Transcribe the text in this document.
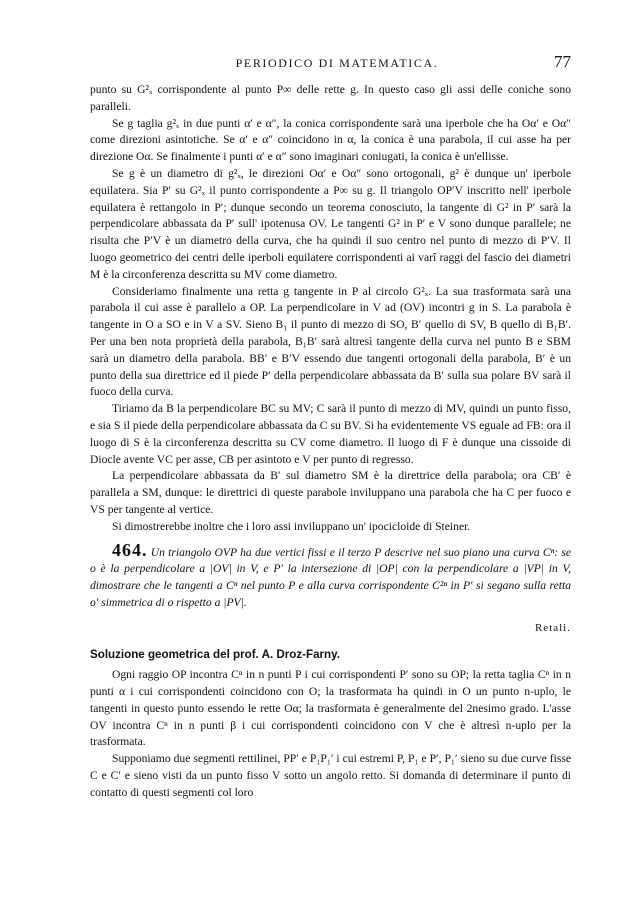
PERIODICO DI MATEMATICA.	77

punto su G²ₓ corrispondente al punto P∞ delle rette g. In questo caso gli assi delle coniche sono paralleli.

Se g taglia g²ₓ in due punti α′ e α″, la conica corrispondente sarà una iperbole che ha Oα′ e Oα″ come direzioni asintotiche. Se α′ e α″ coincidono in α, la conica è una parabola, il cui asse ha per direzione Oα. Se finalmente i punti α′ e α″ sono imaginari coniugati, la conica è un'ellisse.

Se g è un diametro di g²ₓ, le direzioni Oα′ e Oα″ sono ortogonali, g² è dunque un' iperbole equilatera. Sia P′ su G²ₓ il punto corrispondente a P∞ su g. Il triangolo OP′V inscritto nell' iperbole equilatera è rettangolo in P′; dunque secondo un teorema conosciuto, la tangente di G² in P′ sarà la perpendicolare abbassata da P′ sull' ipotenusa OV. Le tangenti G² in P′ e V sono dunque parallele; ne risulta che P′V è un diametro della curva, che ha quindi il suo centro nel punto di mezzo di P′V. Il luogo geometrico dei centri delle iperboli equilatere corrispondenti ai varî raggi del fascio dei diametri M è la circonferenza descritta su MV come diametro.

Consideriamo finalmente una retta g tangente in P al circolo G²ₓ. La sua trasformata sarà una parabola il cui asse è parallelo a OP. La perpendicolare in V ad (OV) incontri g in S. La parabola è tangente in O a SO e in V a SV. Sieno B₁ il punto di mezzo di SO, B′ quello di SV, B quello di B₁B′. Per una ben nota proprietà della parabola, B₁B′ sarà altresì tangente della curva nel punto B e SBM sarà un diametro della parabola. BB′ e B′V essendo due tangenti ortogonali della parabola, B′ è un punto della sua direttrice ed il piede P′ della perpendicolare abbassata da B′ sulla sua polare BV sarà il fuoco della curva.

Tiriamo da B la perpendicolare BC su MV; C sarà il punto di mezzo di MV, quindi un punto fisso, e sia S il piede della perpendicolare abbassata da C su BV. Si ha evidentemente VS eguale ad FB: ora il luogo di S è la circonferenza descritta su CV come diametro. Il luogo di F è dunque una cissoide di Diocle avente VC per asse, CB per asintoto e V per punto di regresso.

La perpendicolare abbassata da B′ sul diametro SM è la direttrice della parabola; ora CB′ è parallela a SM, dunque: le direttrici di queste parabole inviluppano una parabola che ha C per fuoco e VS per tangente al vertice.

Si dimostrerebbe inoltre che i loro assi inviluppano un' ipocicloide di Steiner.

464. Un triangolo OVP ha due vertici fissi e il terzo P descrive nel suo piano una curva Cⁿ: se o è la perpendicolare a |OV| in V, e P′ la intersezione di |OP| con la perpendicolare a |VP| in V, dimostrare che le tangenti a Cⁿ nel punto P e alla curva corrispondente C²ⁿ in P′ si segano sulla retta o′ simmetrica di o rispetto a |PV|.

Retali.

Soluzione geometrica del prof. A. Droz-Farny.

Ogni raggio OP incontra Cⁿ in n punti P i cui corrispondenti P′ sono su OP; la retta taglia Cⁿ in n punti α i cui corrispondenti coincidono con O; la trasformata ha quindi in O un punto n-uplo, le tangenti in questo punto essendo le rette Oα; la trasformata è generalmente del 2nesimo grado. L'asse OV incontra Cⁿ in n punti β i cui corrispondenti coincidono con V che è altresì n-uplo per la trasformata.

Supponiamo due segmenti rettilinei, PP′ e P₁P₁′ i cui estremi P, P₁ e P′, P₁′ sieno su due curve fisse C e C′ e sieno visti da un punto fisso V sotto un angolo retto. Si domanda di determinare il punto di contatto di questi segmenti col loro
